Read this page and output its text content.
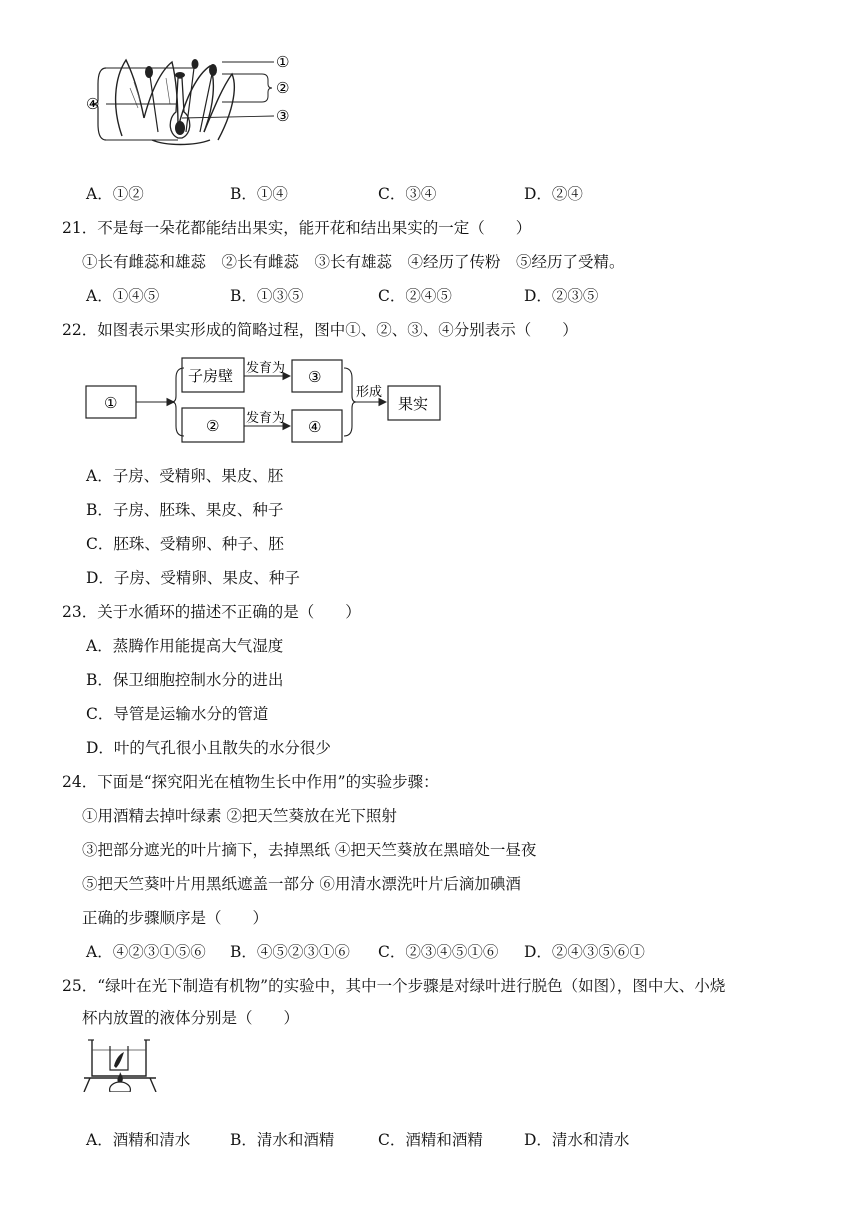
④
①
②
③
A．①②	B．①④	C．③④	D．②④
21．不是每一朵花都能结出果实，能开花和结出果实的一定（　　）
①长有雌蕊和雄蕊　②长有雌蕊　③长有雄蕊　④经历了传粉　⑤经历了受精。
A．①④⑤	B．①③⑤	C．②④⑤	D．②③⑤
22．如图表示果实形成的简略过程，图中①、②、③、④分别表示（　　）
①
子房壁
②
③
④
发育为
发育为
形成
果实
A．子房、受精卵、果皮、胚
B．子房、胚珠、果皮、种子
C．胚珠、受精卵、种子、胚
D．子房、受精卵、果皮、种子
23．关于水循环的描述不正确的是（　　）
A．蒸腾作用能提高大气湿度
B．保卫细胞控制水分的进出
C．导管是运输水分的管道
D．叶的气孔很小且散失的水分很少
24．下面是“探究阳光在植物生长中作用”的实验步骤：
①用酒精去掉叶绿素 ②把天竺葵放在光下照射
③把部分遮光的叶片摘下，去掉黑纸 ④把天竺葵放在黑暗处一昼夜
⑤把天竺葵叶片用黑纸遮盖一部分 ⑥用清水漂洗叶片后滴加碘酒
正确的步骤顺序是（　　）
A．④②③①⑤⑥ B．④⑤②③①⑥ C．②③④⑤①⑥ D．②④③⑤⑥①
25．“绿叶在光下制造有机物”的实验中，其中一个步骤是对绿叶进行脱色（如图），图中大、小烧
杯内放置的液体分别是（　　）
A．酒精和清水	B．清水和酒精	C．酒精和酒精	D．清水和清水
